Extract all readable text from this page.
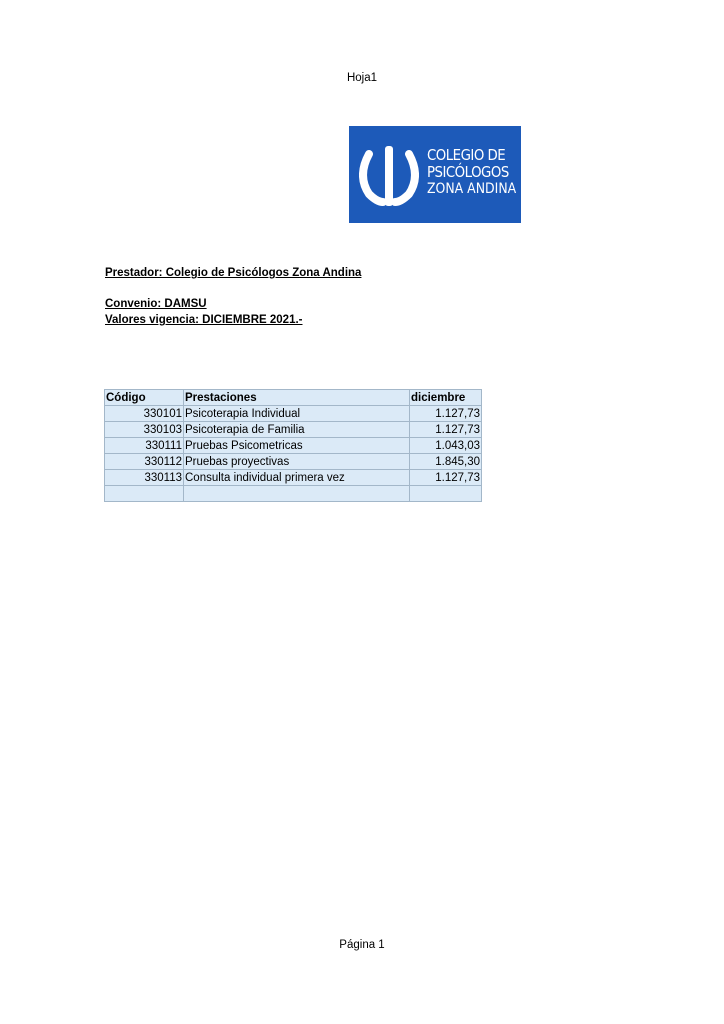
Hoja1
COLEGIO DE
PSICÓLOGOS
ZONA ANDINA
Prestador: Colegio de Psicólogos Zona Andina
Convenio: DAMSU
Valores vigencia: DICIEMBRE 2021.-
Código	Prestaciones	diciembre
330101	Psicoterapia Individual	1.127,73
330103	Psicoterapia de Familia	1.127,73
330111	Pruebas Psicometricas	1.043,03
330112	Pruebas proyectivas	1.845,30
330113	Consulta individual primera vez	1.127,73

Página 1
